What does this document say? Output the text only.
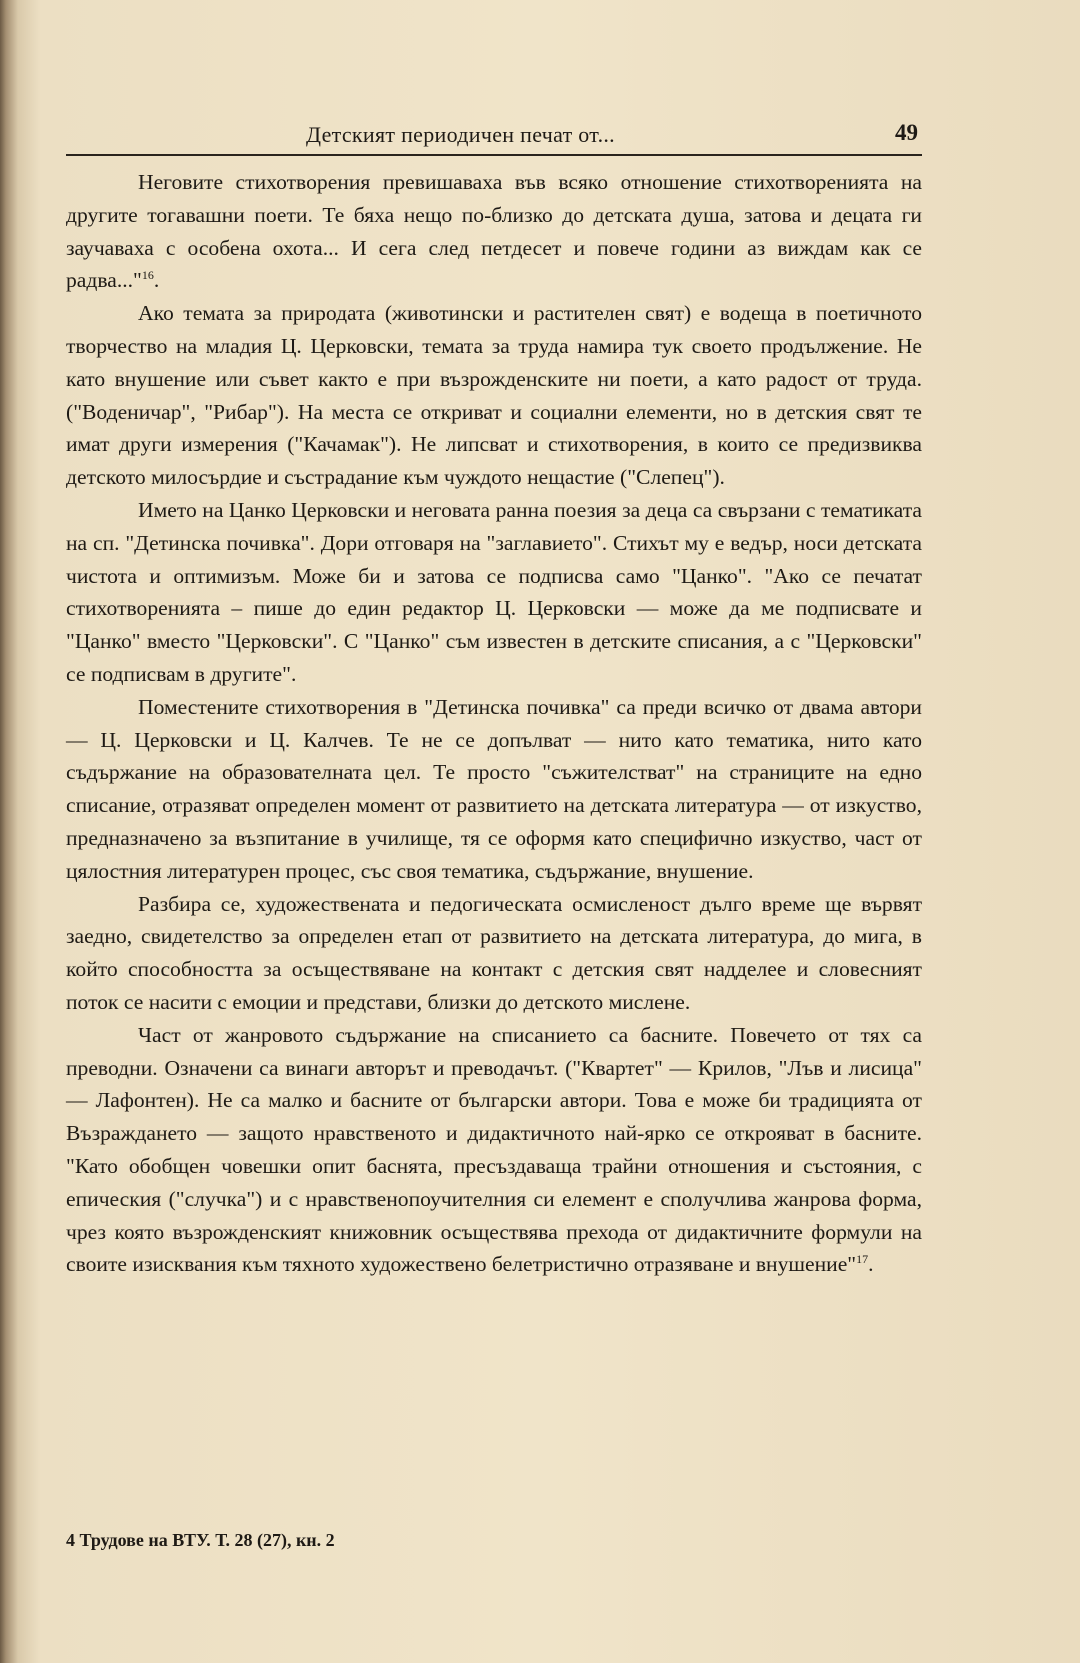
Детският периодичен печат от...	49

Неговите стихотворения превишаваха във всяко отношение стихотворенията на другите тогавашни поети. Те бяха нещо по-близко до детската душа, затова и децата ги заучаваха с особена охота... И сега след петдесет и повече години аз виждам как се радва..."$^{16}$.

Ако темата за природата (животински и растителен свят) е водеща в поетичното творчество на младия Ц. Церковски, темата за труда намира тук своето продължение. Не като внушение или съвет както е при възрожденските ни поети, а като радост от труда. ("Воденичар", "Рибар"). На места се откриват и социални елементи, но в детския свят те имат други измерения ("Качамак"). Не липсват и стихотворения, в които се предизвиква детското милосърдие и състрадание към чуждото нещастие ("Слепец").

Името на Цанко Церковски и неговата ранна поезия за деца са свързани с тематиката на сп. "Детинска почивка". Дори отговаря на "заглавието". Стихът му е ведър, носи детската чистота и оптимизъм. Може би и затова се подписва само "Цанко". "Ако се печатат стихотворенията – пише до един редактор Ц. Церковски — може да ме подписвате и "Цанко" вместо "Церковски". С "Цанко" съм известен в детските списания, а с "Церковски" се подписвам в другите".

Поместените стихотворения в "Детинска почивка" са преди всичко от двама автори — Ц. Церковски и Ц. Калчев. Те не се допълват — нито като тематика, нито като съдържание на образователната цел. Те просто "съжителстват" на страниците на едно списание, отразяват определен момент от развитието на детската литература — от изкуство, предназначено за възпитание в училище, тя се оформя като специфично изкуство, част от цялостния литературен процес, със своя тематика, съдържание, внушение.

Разбира се, художествената и педогическата осмисленост дълго време ще вървят заедно, свидетелство за определен етап от развитието на детската литература, до мига, в който способността за осъществяване на контакт с детския свят надделее и словесният поток се насити с емоции и представи, близки до детското мислене.

Част от жанровото съдържание на списанието са басните. Повечето от тях са преводни. Означени са винаги авторът и преводачът. ("Квартет" — Крилов, "Лъв и лисица" — Лафонтен). Не са малко и басните от български автори. Това е може би традицията от Възраждането — защото нравственото и дидактичното най-ярко се открояват в басните. "Като обобщен човешки опит баснята, пресъздаваща трайни отношения и състояния, с епическия ("случка") и с нравственопоучителния си елемент е сполучлива жанрова форма, чрез която възрожденският книжовник осъществява прехода от дидактичните формули на своите изисквания към тяхното художествено белетристично отразяване и внушение"$^{17}$.

4 Трудове на ВТУ. Т. 28 (27), кн. 2
